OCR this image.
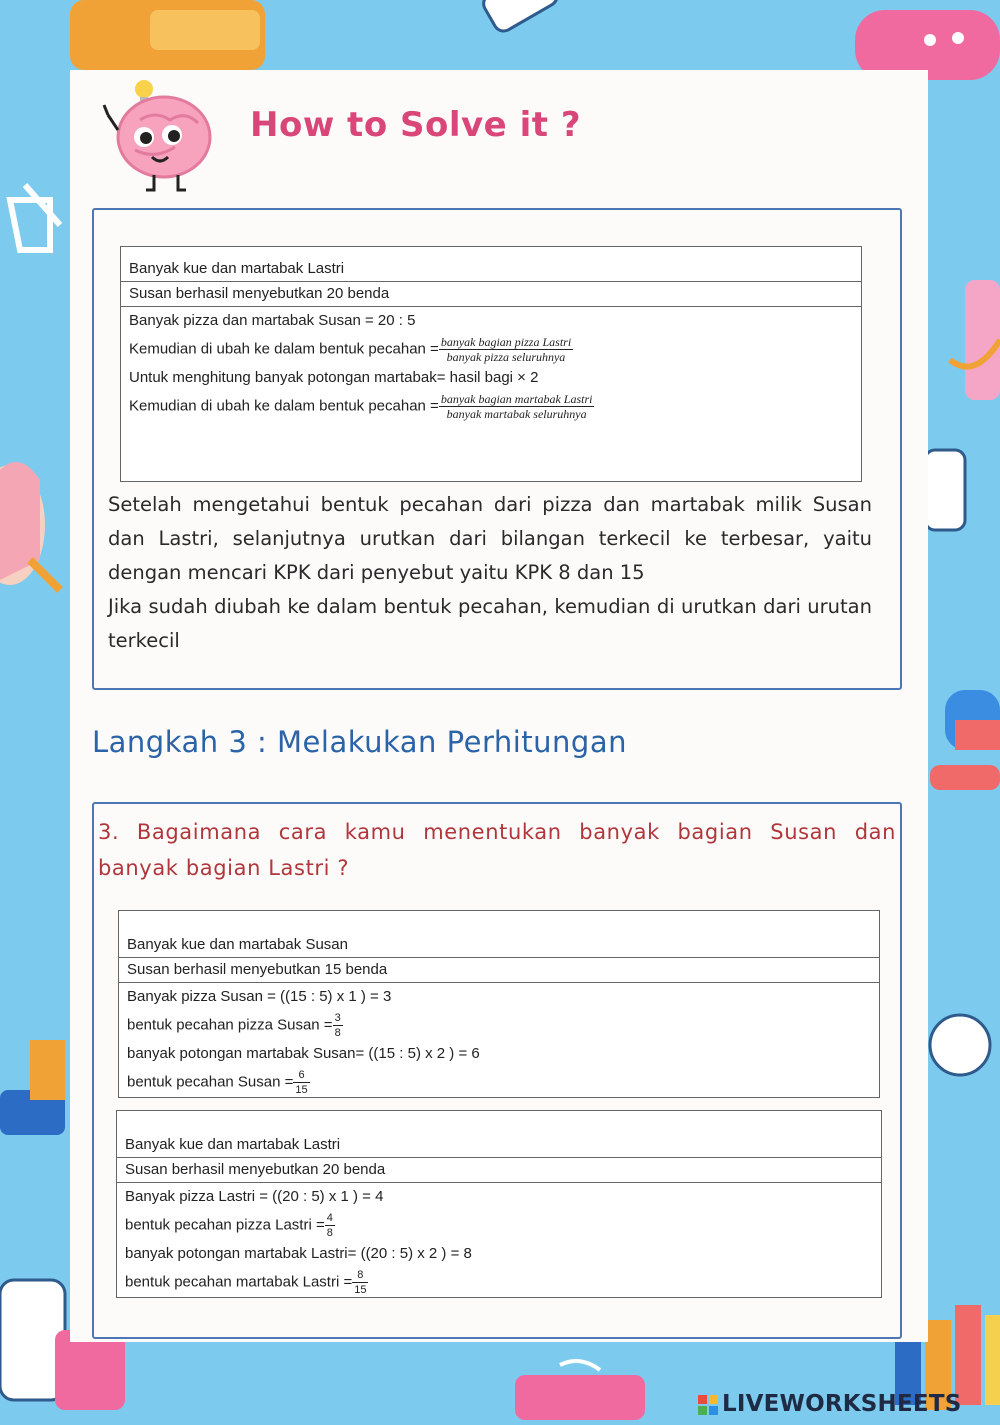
How to Solve it ?
Banyak kue dan martabak Lastri
Susan berhasil menyebutkan 20 benda
Banyak pizza dan martabak Susan = 20 : 5
Kemudian di ubah ke dalam bentuk pecahan = $\frac{\text{banyak bagian pizza Lastri}}{\text{banyak pizza seluruhnya}}$
Untuk menghitung banyak potongan martabak= hasil bagi × 2
Kemudian di ubah ke dalam bentuk pecahan = $\frac{\text{banyak bagian martabak Lastri}}{\text{banyak martabak seluruhnya}}$

Setelah mengetahui bentuk pecahan dari pizza dan martabak milik Susan dan Lastri, selanjutnya urutkan dari bilangan terkecil ke terbesar, yaitu dengan mencari KPK dari penyebut yaitu KPK 8 dan 15

Jika sudah diubah ke dalam bentuk pecahan, kemudian di urutkan dari urutan terkecil

Langkah 3 : Melakukan Perhitungan
3. Bagaimana cara kamu menentukan banyak bagian Susan dan banyak bagian Lastri ?
Banyak kue dan martabak Susan
Susan berhasil menyebutkan 15 benda
Banyak pizza Susan = ((15 : 5) x 1 ) = 3
bentuk pecahan pizza Susan = $\frac{3}{8}$
banyak potongan martabak Susan= ((15 : 5) x 2 ) = 6
bentuk pecahan Susan = $\frac{6}{15}$
Banyak kue dan martabak Lastri
Susan berhasil menyebutkan 20 benda
Banyak pizza Lastri = ((20 : 5) x 1 ) = 4
bentuk pecahan pizza Lastri = $\frac{4}{8}$
banyak potongan martabak Lastri= ((20 : 5) x 2 ) = 8
bentuk pecahan martabak Lastri = $\frac{8}{15}$
LIVEWORKSHEETS
